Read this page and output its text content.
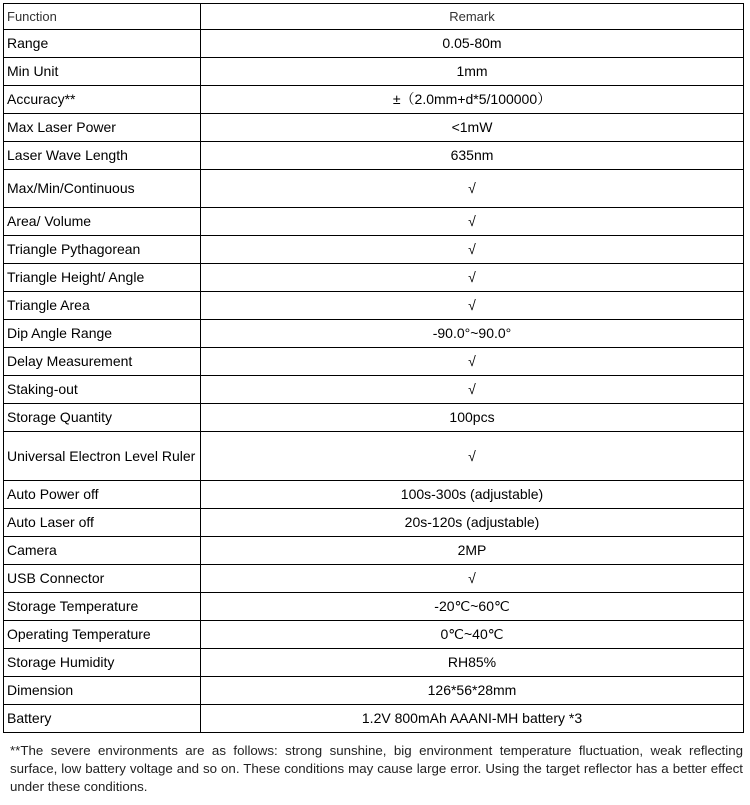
Function	Remark
Range	0.05-80m
Min Unit	1mm
Accuracy**	±（2.0mm+d*5/100000）
Max Laser Power	<1mW
Laser Wave Length	635nm
Max/Min/Continuous	√
Area/ Volume	√
Triangle Pythagorean	√
Triangle Height/ Angle	√
Triangle Area	√
Dip Angle Range	-90.0°~90.0°
Delay Measurement	√
Staking-out	√
Storage Quantity	100pcs
Universal Electron Level Ruler	√
Auto Power off	100s-300s (adjustable)
Auto Laser off	20s-120s (adjustable)
Camera	2MP
USB Connector	√
Storage Temperature	-20℃~60℃
Operating Temperature	0℃~40℃
Storage Humidity	RH85%
Dimension	126*56*28mm
Battery	1.2V 800mAh AAANI-MH battery *3
**The severe environments are as follows: strong sunshine, big environment temperature fluctuation, weak reflecting surface, low battery voltage and so on. These conditions may cause large error. Using the target reflector has a better effect under these conditions.
